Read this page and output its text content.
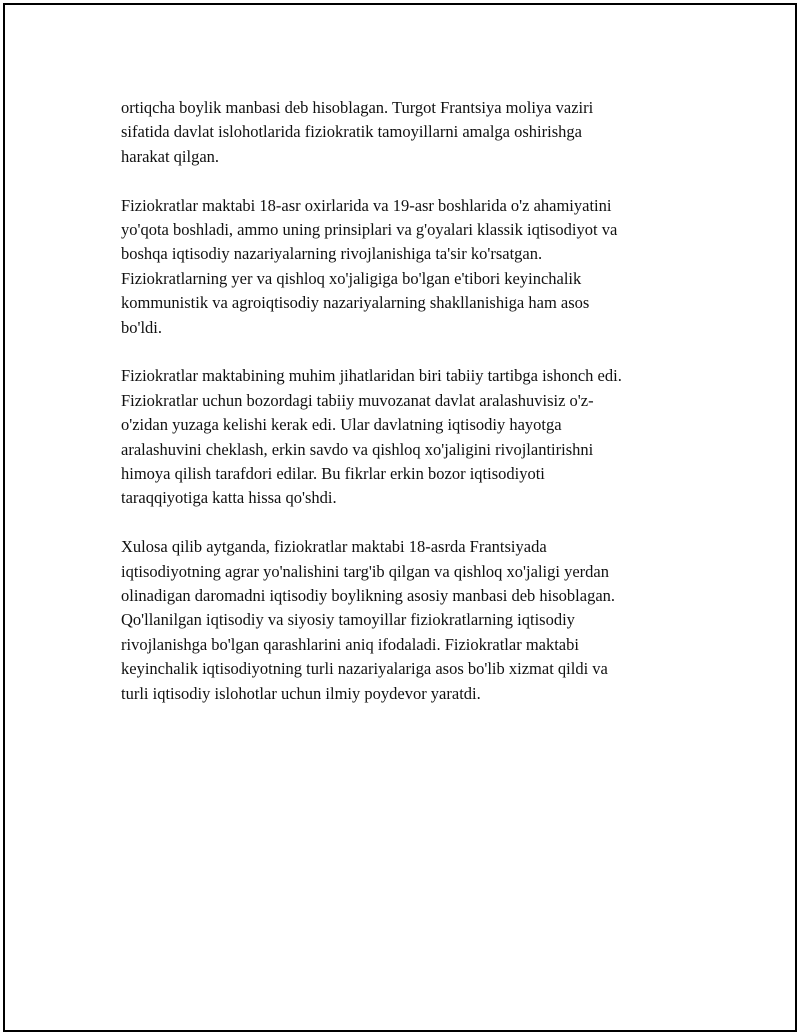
ortiqcha boylik manbasi deb hisoblagan. Turgot Frantsiya moliya vaziri
sifatida davlat islohotlarida fiziokratik tamoyillarni amalga oshirishga
harakat qilgan.

Fiziokratlar maktabi 18-asr oxirlarida va 19-asr boshlarida o'z ahamiyatini
yo'qota boshladi, ammo uning prinsiplari va g'oyalari klassik iqtisodiyot va
boshqa iqtisodiy nazariyalarning rivojlanishiga ta'sir ko'rsatgan.
Fiziokratlarning yer va qishloq xo'jaligiga bo'lgan e'tibori keyinchalik
kommunistik va agroiqtisodiy nazariyalarning shakllanishiga ham asos
bo'ldi.

Fiziokratlar maktabining muhim jihatlaridan biri tabiiy tartibga ishonch edi.
Fiziokratlar uchun bozordagi tabiiy muvozanat davlat aralashuvisiz o'z-
o'zidan yuzaga kelishi kerak edi. Ular davlatning iqtisodiy hayotga
aralashuvini cheklash, erkin savdo va qishloq xo'jaligini rivojlantirishni
himoya qilish tarafdori edilar. Bu fikrlar erkin bozor iqtisodiyoti
taraqqiyotiga katta hissa qo'shdi.

Xulosa qilib aytganda, fiziokratlar maktabi 18-asrda Frantsiyada
iqtisodiyotning agrar yo'nalishini targ'ib qilgan va qishloq xo'jaligi yerdan
olinadigan daromadni iqtisodiy boylikning asosiy manbasi deb hisoblagan.
Qo'llanilgan iqtisodiy va siyosiy tamoyillar fiziokratlarning iqtisodiy
rivojlanishga bo'lgan qarashlarini aniq ifodaladi. Fiziokratlar maktabi
keyinchalik iqtisodiyotning turli nazariyalariga asos bo'lib xizmat qildi va
turli iqtisodiy islohotlar uchun ilmiy poydevor yaratdi.
